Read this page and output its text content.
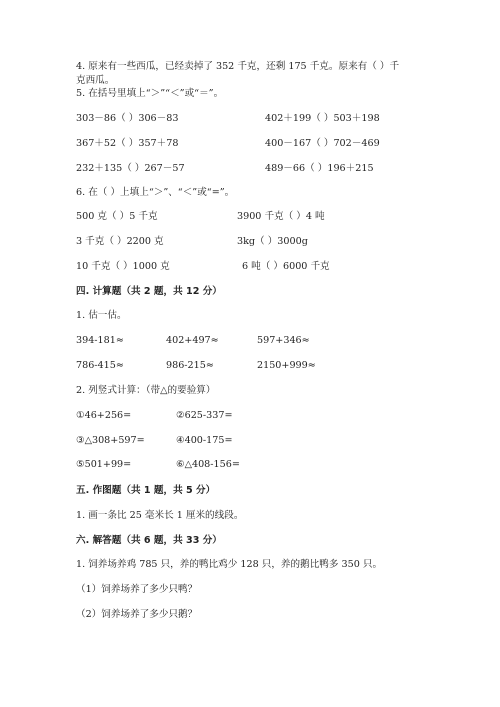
4. 原来有一些西瓜，已经卖掉了 352 千克，还剩 175 千克。原来有（ ）千
克西瓜。
5. 在括号里填上“＞”“＜”或“＝”。
303－86（ ）306－83	402＋199（ ）503＋198
367＋52（ ）357＋78	400－167（ ）702－469
232＋135（ ）267－57	489－66（ ）196＋215
6. 在（ ）上填上“＞”、“＜”或“=”。
500 克（ ）5 千克	3900 千克（ ）4 吨
3 千克（ ）2200 克	3kg（ ）3000g
10 千克（ ）1000 克	6 吨（ ）6000 千克
四. 计算题（共 2 题，共 12 分）
1. 估一估。
394-181≈	402+497≈	597+346≈
786-415≈	986-215≈	2150+999≈
2. 列竖式计算：（带△的要验算）
①46+256=	②625-337=
③△308+597=	④400-175=
⑤501+99=	⑥△408-156=
五. 作图题（共 1 题，共 5 分）
1. 画一条比 25 毫米长 1 厘米的线段。
六. 解答题（共 6 题，共 33 分）
1. 饲养场养鸡 785 只，养的鸭比鸡少 128 只，养的鹅比鸭多 350 只。
（1）饲养场养了多少只鸭？
（2）饲养场养了多少只鹅？
